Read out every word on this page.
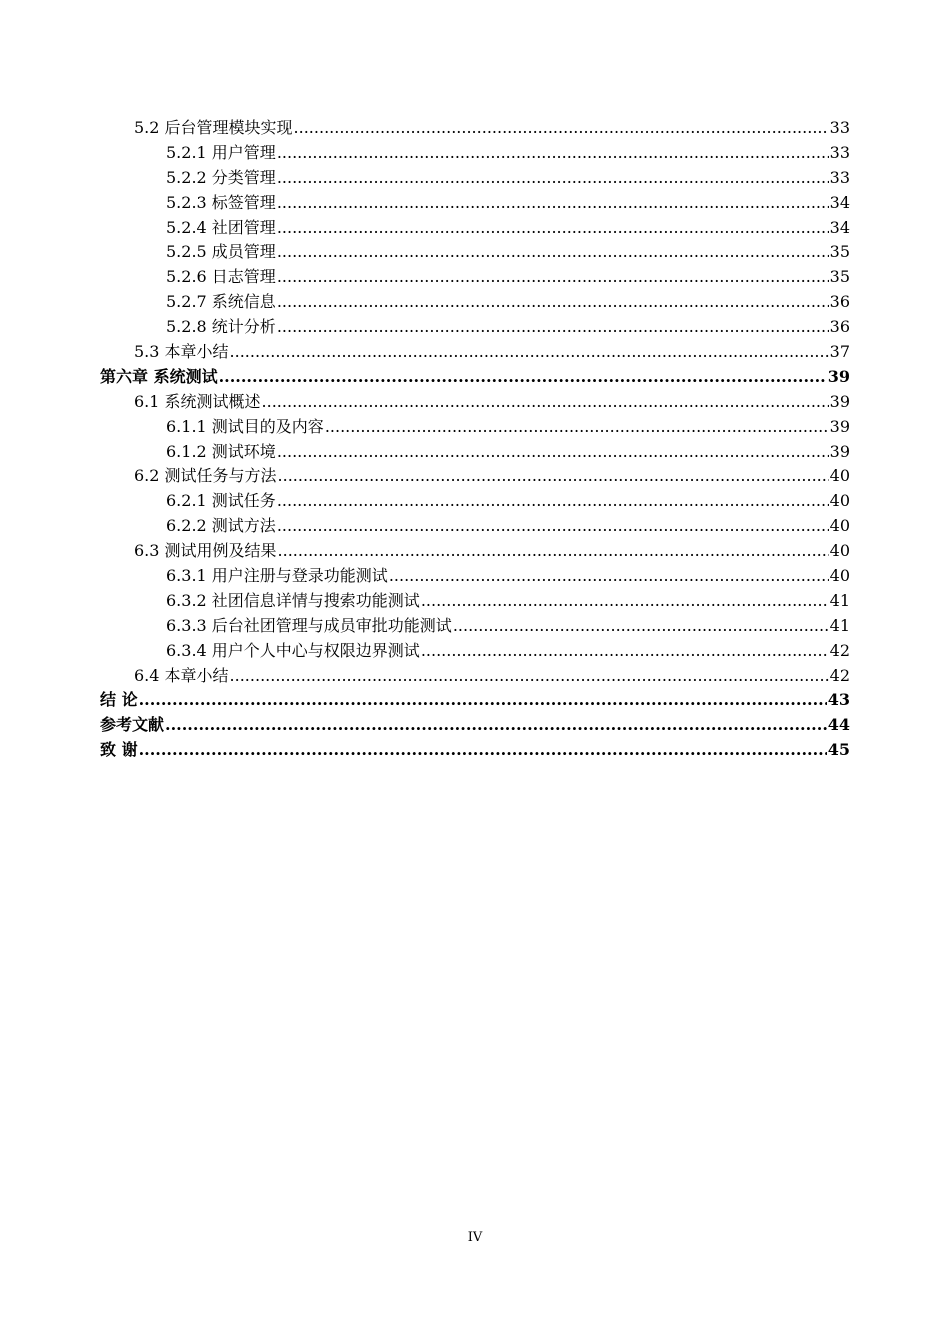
5.2 后台管理模块实现 .....	33
5.2.1 用户管理 .....	33
5.2.2 分类管理 .....	33
5.2.3 标签管理 .....	34
5.2.4 社团管理 .....	34
5.2.5 成员管理 .....	35
5.2.6 日志管理 .....	35
5.2.7 系统信息 .....	36
5.2.8 统计分析 .....	36
5.3 本章小结 .....	37
第六章 系统测试 .....	39
6.1 系统测试概述 .....	39
6.1.1 测试目的及内容 .....	39
6.1.2 测试环境 .....	39
6.2 测试任务与方法 .....	40
6.2.1 测试任务 .....	40
6.2.2 测试方法 .....	40
6.3 测试用例及结果 .....	40
6.3.1 用户注册与登录功能测试 .....	40
6.3.2 社团信息详情与搜索功能测试 .....	41
6.3.3 后台社团管理与成员审批功能测试 .....	41
6.3.4 用户个人中心与权限边界测试 .....	42
6.4 本章小结 .....	42
结 论 .....	43
参考文献 .....	44
致 谢 .....	45
IV
